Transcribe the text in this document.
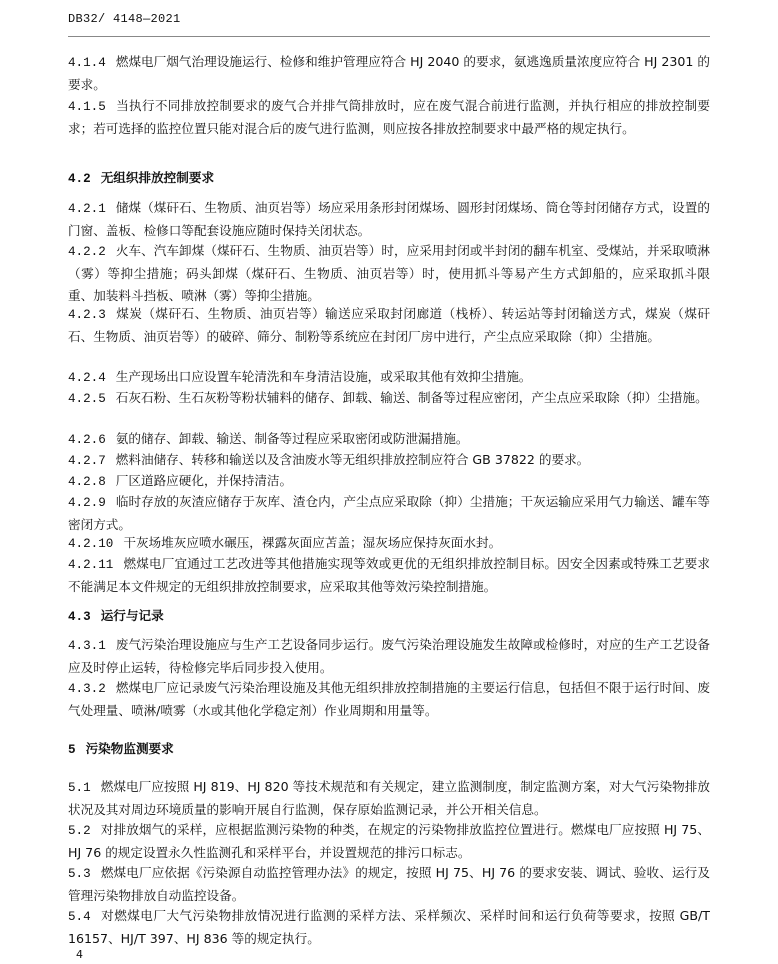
DB32/ 4148—2021
4.1.4 燃煤电厂烟气治理设施运行、检修和维护管理应符合 HJ 2040 的要求，氨逃逸质量浓度应符合 HJ 2301 的要求。
4.1.5 当执行不同排放控制要求的废气合并排气筒排放时，应在废气混合前进行监测，并执行相应的排放控制要求；若可选择的监控位置只能对混合后的废气进行监测，则应按各排放控制要求中最严格的规定执行。
4.2 无组织排放控制要求
4.2.1 储煤（煤矸石、生物质、油页岩等）场应采用条形封闭煤场、圆形封闭煤场、筒仓等封闭储存方式，设置的门窗、盖板、检修口等配套设施应随时保持关闭状态。
4.2.2 火车、汽车卸煤（煤矸石、生物质、油页岩等）时，应采用封闭或半封闭的翻车机室、受煤站，并采取喷淋（雾）等抑尘措施；码头卸煤（煤矸石、生物质、油页岩等）时，使用抓斗等易产生方式卸船的，应采取抓斗限重、加装料斗挡板、喷淋（雾）等抑尘措施。
4.2.3 煤炭（煤矸石、生物质、油页岩等）输送应采取封闭廊道（栈桥）、转运站等封闭输送方式，煤炭（煤矸石、生物质、油页岩等）的破碎、筛分、制粉等系统应在封闭厂房中进行，产尘点应采取除（抑）尘措施。
4.2.4 生产现场出口应设置车轮清洗和车身清洁设施，或采取其他有效抑尘措施。
4.2.5 石灰石粉、生石灰粉等粉状辅料的储存、卸载、输送、制备等过程应密闭，产尘点应采取除（抑）尘措施。
4.2.6 氨的储存、卸载、输送、制备等过程应采取密闭或防泄漏措施。
4.2.7 燃料油储存、转移和输送以及含油废水等无组织排放控制应符合 GB 37822 的要求。
4.2.8 厂区道路应硬化，并保持清洁。
4.2.9 临时存放的灰渣应储存于灰库、渣仓内，产尘点应采取除（抑）尘措施；干灰运输应采用气力输送、罐车等密闭方式。
4.2.10 干灰场堆灰应喷水碾压，裸露灰面应苫盖；湿灰场应保持灰面水封。
4.2.11 燃煤电厂宜通过工艺改进等其他措施实现等效或更优的无组织排放控制目标。因安全因素或特殊工艺要求不能满足本文件规定的无组织排放控制要求，应采取其他等效污染控制措施。
4.3 运行与记录
4.3.1 废气污染治理设施应与生产工艺设备同步运行。废气污染治理设施发生故障或检修时，对应的生产工艺设备应及时停止运转，待检修完毕后同步投入使用。
4.3.2 燃煤电厂应记录废气污染治理设施及其他无组织排放控制措施的主要运行信息，包括但不限于运行时间、废气处理量、喷淋/喷雾（水或其他化学稳定剂）作业周期和用量等。
5 污染物监测要求
5.1 燃煤电厂应按照 HJ 819、HJ 820 等技术规范和有关规定，建立监测制度，制定监测方案，对大气污染物排放状况及其对周边环境质量的影响开展自行监测，保存原始监测记录，并公开相关信息。
5.2 对排放烟气的采样，应根据监测污染物的种类，在规定的污染物排放监控位置进行。燃煤电厂应按照 HJ 75、HJ 76 的规定设置永久性监测孔和采样平台，并设置规范的排污口标志。
5.3 燃煤电厂应依据《污染源自动监控管理办法》的规定，按照 HJ 75、HJ 76 的要求安装、调试、验收、运行及管理污染物排放自动监控设备。
5.4 对燃煤电厂大气污染物排放情况进行监测的采样方法、采样频次、采样时间和运行负荷等要求，按照 GB/T 16157、HJ/T 397、HJ 836 等的规定执行。
4
